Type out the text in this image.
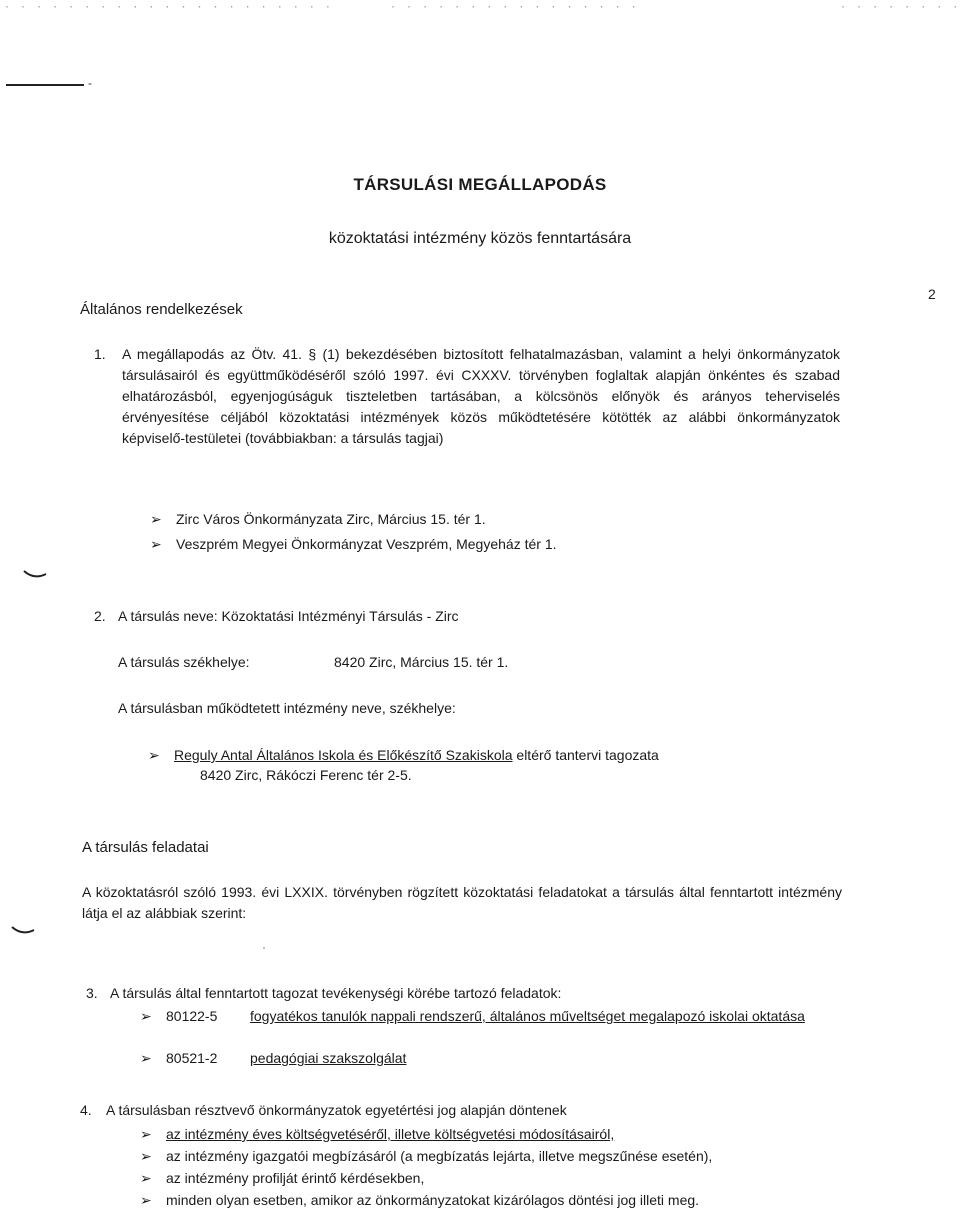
· · · · · · · · · · · · · · · · · · · · ·	· · · · · · · · · · · · · · · ·	· · · · · · · ·
-
TÁRSULÁSI MEGÁLLAPODÁS
közoktatási intézmény közös fenntartására
2
Általános rendelkezések
1. A megállapodás az Ötv. 41. § (1) bekezdésében biztosított felhatalmazásban, valamint a helyi önkormányzatok társulásairól és együttműködéséről szóló 1997. évi CXXXV. törvényben foglaltak alapján önkéntes és szabad elhatározásból, egyenjogúságuk tiszteletben tartásában, a kölcsönös előnyök és arányos teherviselés érvényesítése céljából közoktatási intézmények közös működtetésére kötötték az alábbi önkormányzatok képviselő-testületei (továbbiakban: a társulás tagjai)
➢ Zirc Város Önkormányzata Zirc, Március 15. tér 1.
➢ Veszprém Megyei Önkormányzat Veszprém, Megyeház tér 1.
2. A társulás neve: Közoktatási Intézményi Társulás - Zirc
A társulás székhelye:	8420 Zirc, Március 15. tér 1.
A társulásban működtetett intézmény neve, székhelye:
➢ Reguly Antal Általános Iskola és Előkészítő Szakiskola eltérő tantervi tagozata
8420 Zirc, Rákóczi Ferenc tér 2-5.
A társulás feladatai
A közoktatásról szóló 1993. évi LXXIX. törvényben rögzített közoktatási feladatokat a társulás által fenntartott intézmény látja el az alábbiak szerint:
·
3. A társulás által fenntartott tagozat tevékenységi körébe tartozó feladatok:
➢ 80122-5 fogyatékos tanulók nappali rendszerű, általános műveltséget megalapozó iskolai oktatása
➢ 80521-2 pedagógiai szakszolgálat
4. A társulásban résztvevő önkormányzatok egyetértési jog alapján döntenek
➢ az intézmény éves költségvetéséről, illetve költségvetési módosításairól,
➢ az intézmény igazgatói megbízásáról (a megbízatás lejárta, illetve megszűnése esetén),
➢ az intézmény profilját érintő kérdésekben,
➢ minden olyan esetben, amikor az önkormányzatokat kizárólagos döntési jog illeti meg.
